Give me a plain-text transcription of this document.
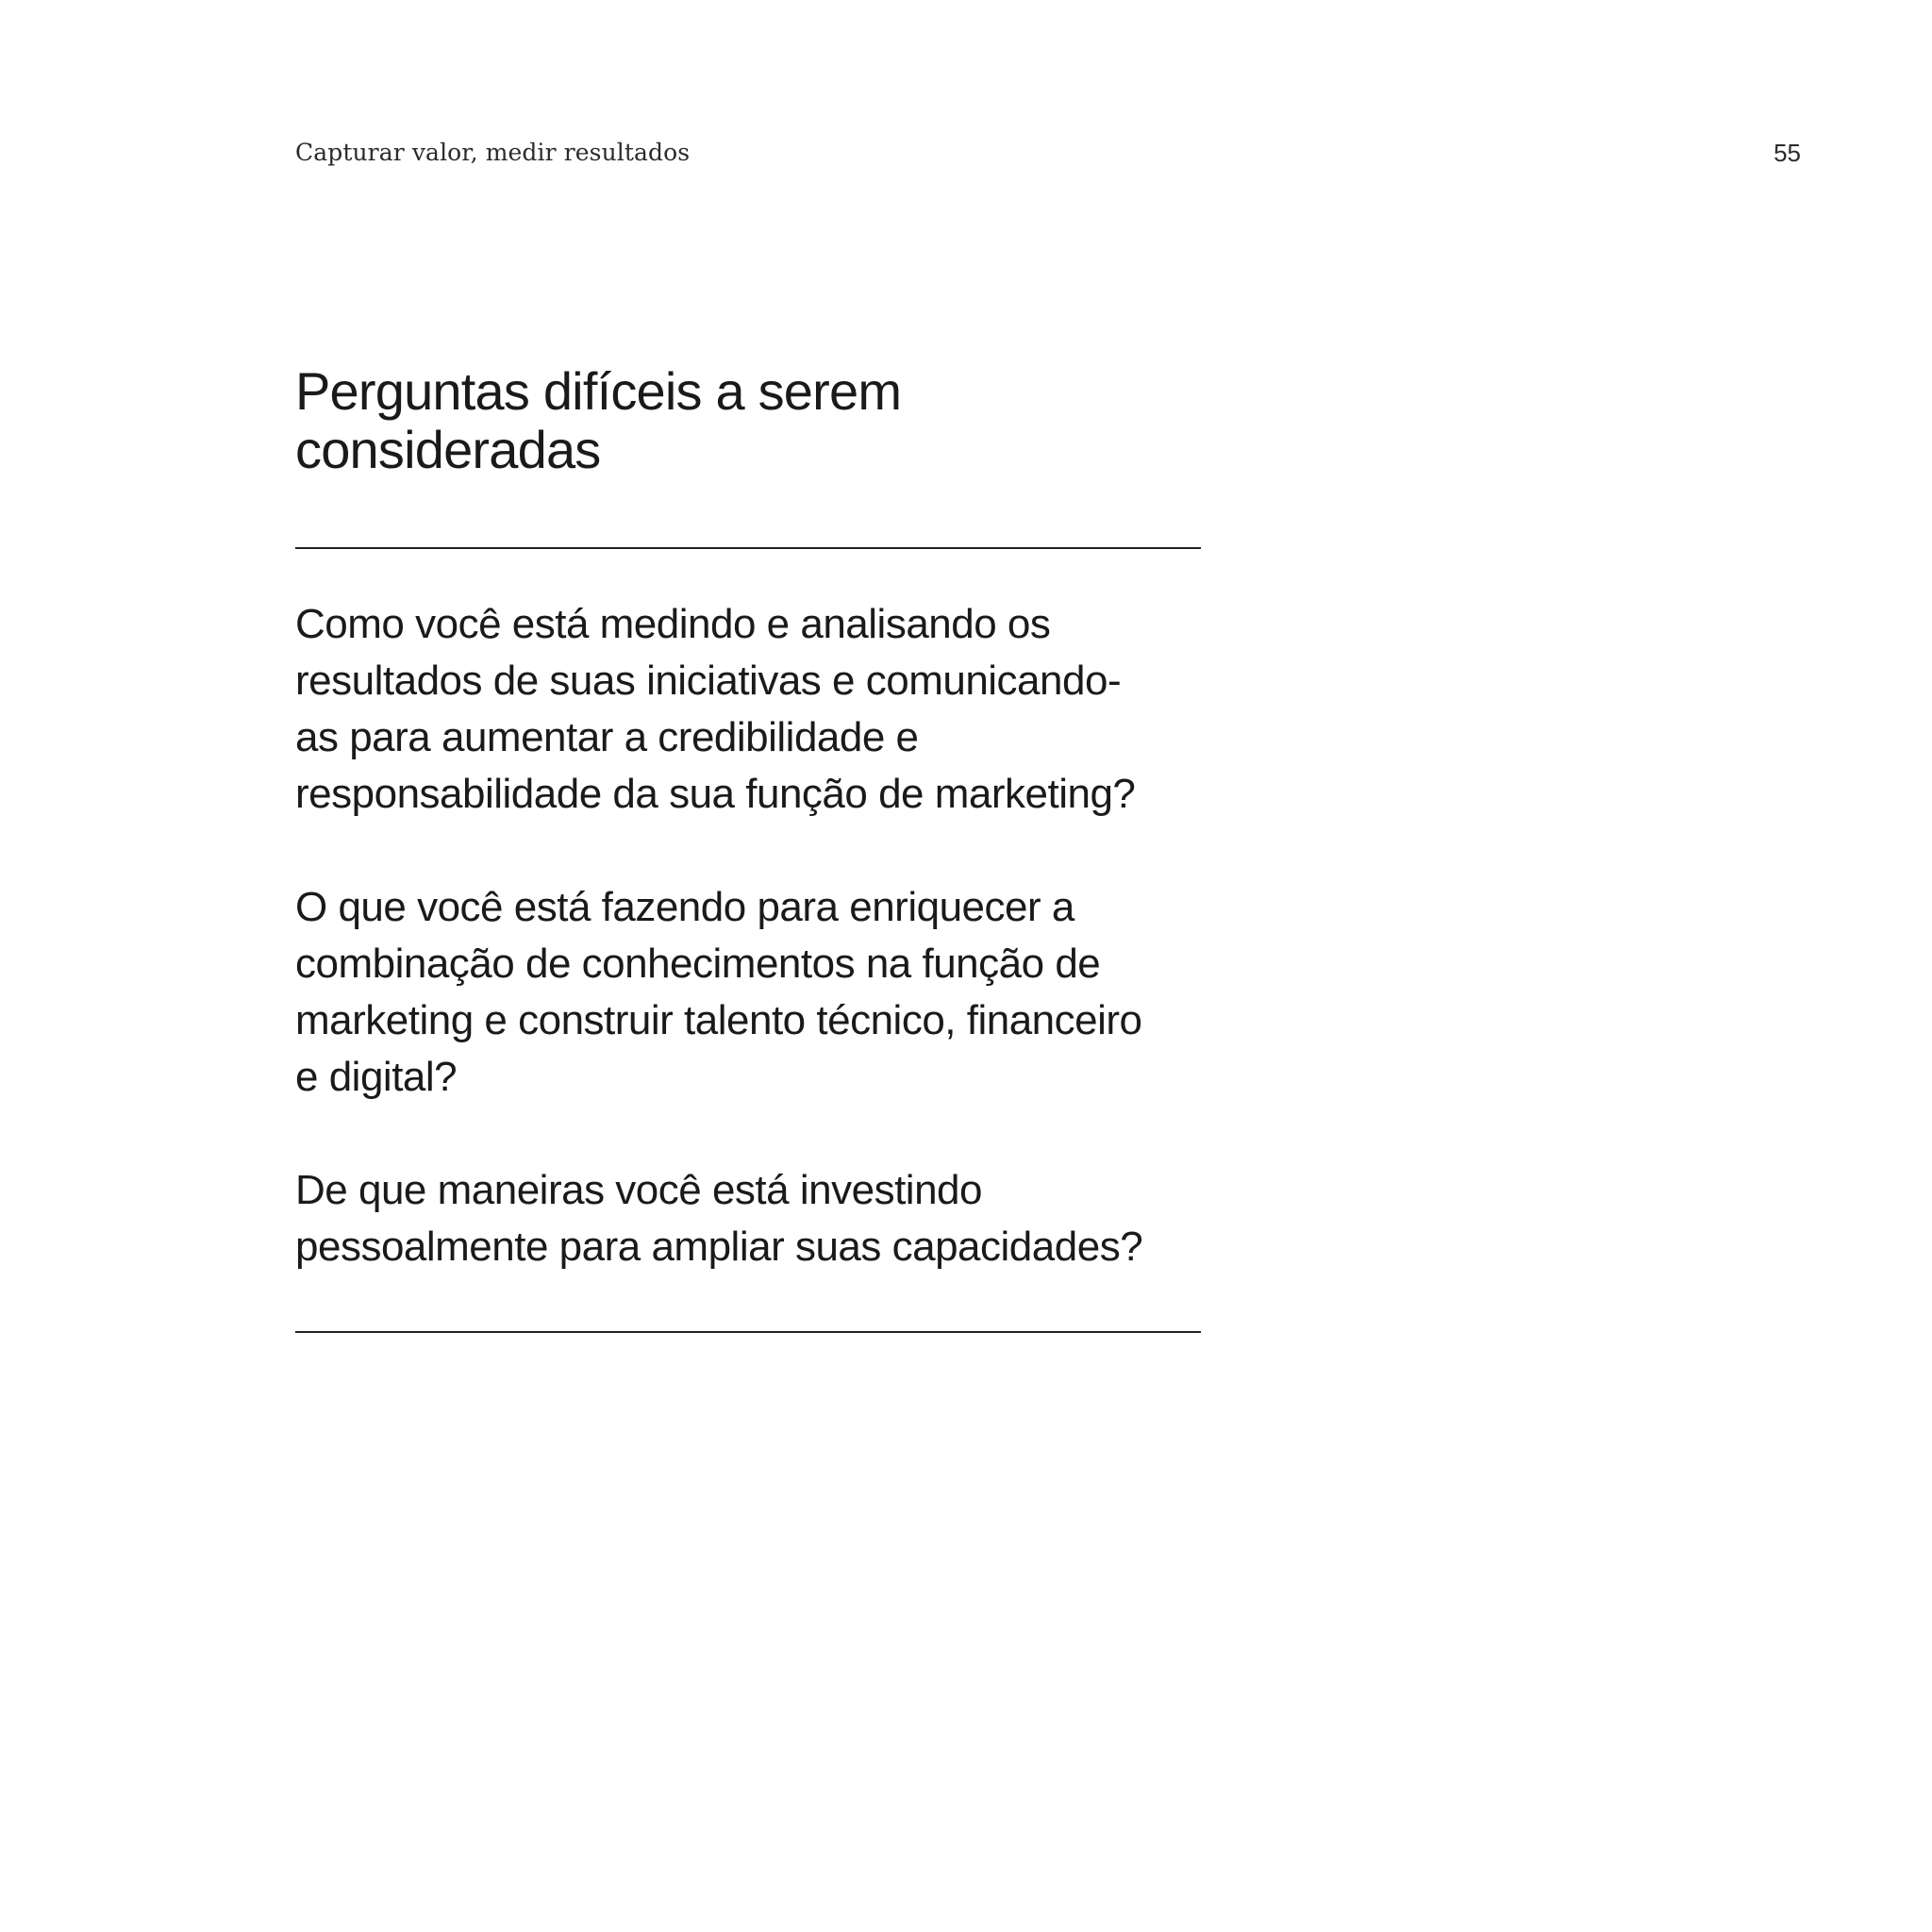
Capturar valor, medir resultados	55
Perguntas difíceis a serem
consideradas
Como você está medindo e analisando os
resultados de suas iniciativas e comunicando-
as para aumentar a credibilidade e
responsabilidade da sua função de marketing?
O que você está fazendo para enriquecer a
combinação de conhecimentos na função de
marketing e construir talento técnico, financeiro
e digital?
De que maneiras você está investindo
pessoalmente para ampliar suas capacidades?
